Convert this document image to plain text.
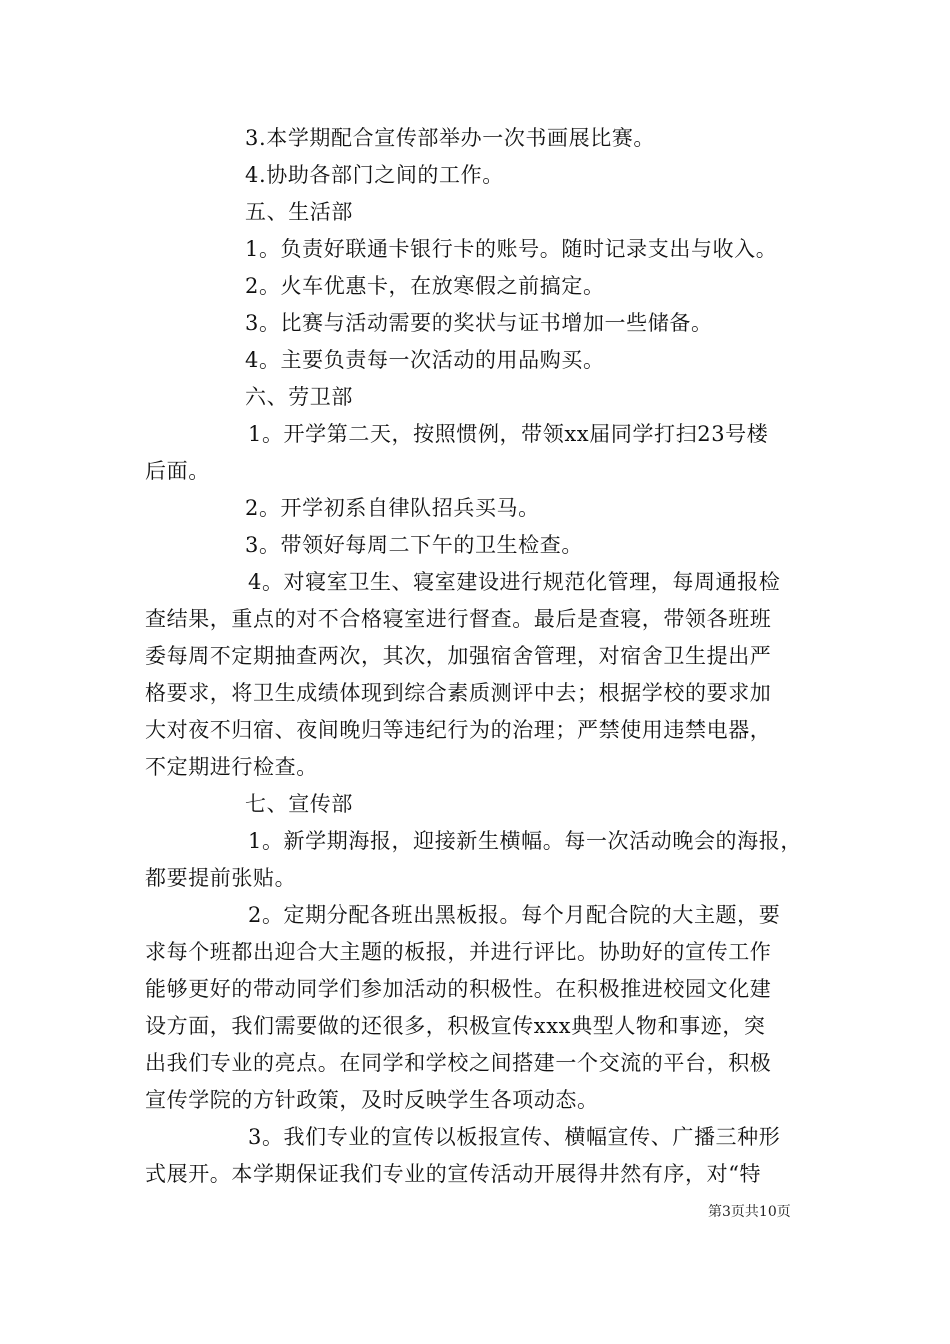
3.本学期配合宣传部举办一次书画展比赛。
4.协助各部门之间的工作。
五、生活部
1。负责好联通卡银行卡的账号。随时记录支出与收入。
2。火车优惠卡，在放寒假之前搞定。
3。比赛与活动需要的奖状与证书增加一些储备。
4。主要负责每一次活动的用品购买。
六、劳卫部
1。开学第二天，按照惯例，带领xx届同学打扫23号楼
后面。
2。开学初系自律队招兵买马。
3。带领好每周二下午的卫生检查。
4。对寝室卫生、寝室建设进行规范化管理，每周通报检
查结果，重点的对不合格寝室进行督查。最后是查寝，带领各班班
委每周不定期抽查两次，其次，加强宿舍管理，对宿舍卫生提出严
格要求，将卫生成绩体现到综合素质测评中去；根据学校的要求加
大对夜不归宿、夜间晚归等违纪行为的治理；严禁使用违禁电器，
不定期进行检查。
七、宣传部
1。新学期海报，迎接新生横幅。每一次活动晚会的海报，
都要提前张贴。
2。定期分配各班出黑板报。每个月配合院的大主题，要
求每个班都出迎合大主题的板报，并进行评比。协助好的宣传工作
能够更好的带动同学们参加活动的积极性。在积极推进校园文化建
设方面，我们需要做的还很多，积极宣传xxx典型人物和事迹，突
出我们专业的亮点。在同学和学校之间搭建一个交流的平台，积极
宣传学院的方针政策，及时反映学生各项动态。
3。我们专业的宣传以板报宣传、横幅宣传、广播三种形
式展开。本学期保证我们专业的宣传活动开展得井然有序，对“特
第3页共10页
